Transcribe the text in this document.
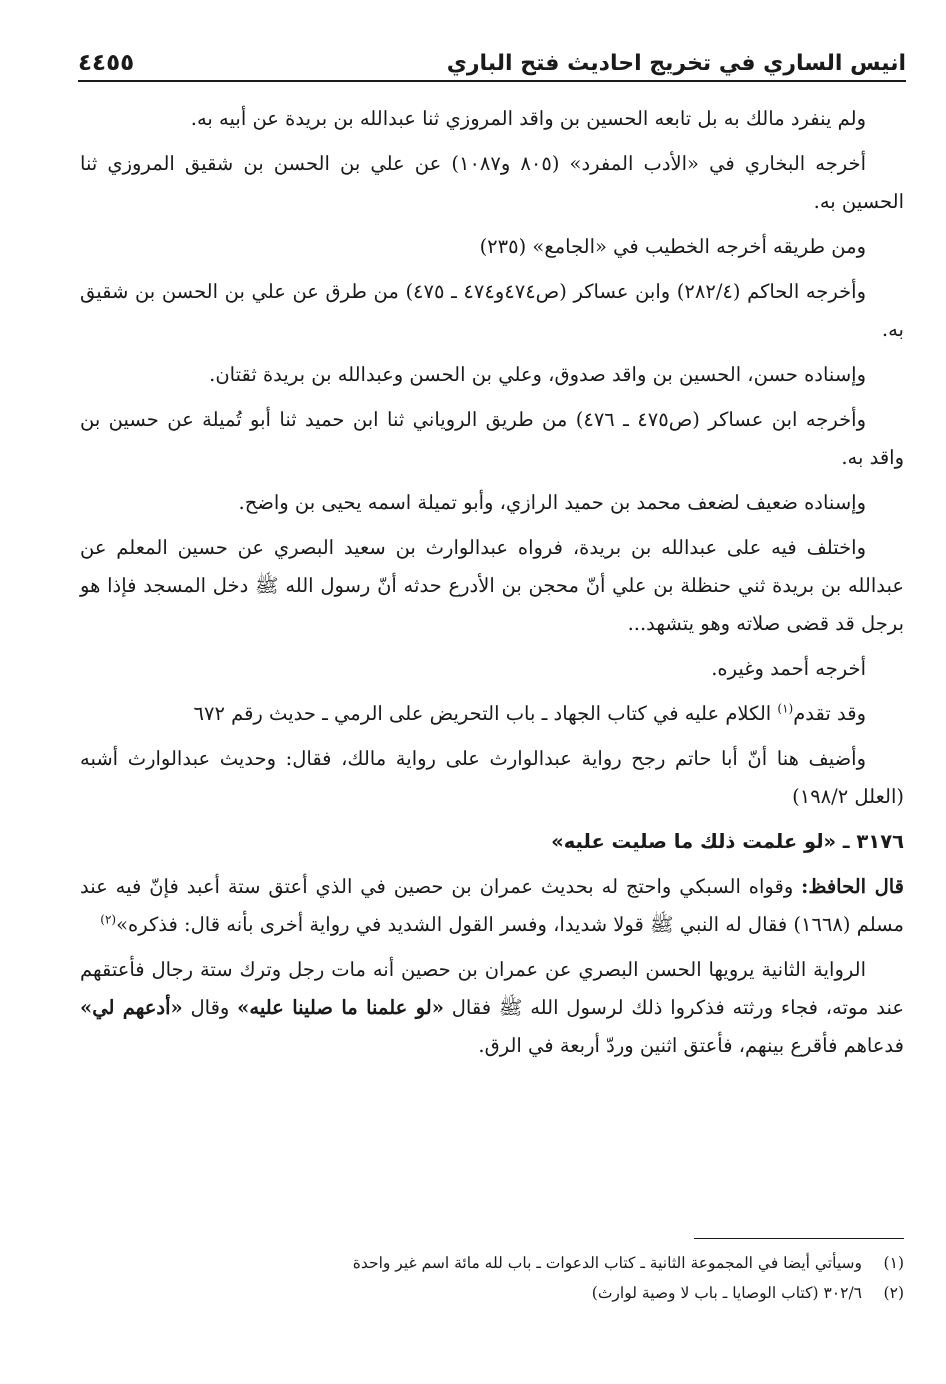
انيس الساري في تخريج احاديث فتح الباري
٤٤٥٥

ولم ينفرد مالك به بل تابعه الحسين بن واقد المروزي ثنا عبدالله بن بريدة عن أبيه به.

أخرجه البخاري في «الأدب المفرد» (٨٠٥ و١٠٨٧) عن علي بن الحسن بن شقيق المروزي ثنا الحسين به.

ومن طريقه أخرجه الخطيب في «الجامع» (٢٣٥)

وأخرجه الحاكم (٢٨٢/٤) وابن عساكر (ص٤٧٤و٤٧٤ ـ ٤٧٥) من طرق عن علي بن الحسن بن شقيق به.

وإسناده حسن، الحسين بن واقد صدوق، وعلي بن الحسن وعبدالله بن بريدة ثقتان.

وأخرجه ابن عساكر (ص٤٧٥ ـ ٤٧٦) من طريق الروياني ثنا ابن حميد ثنا أبو تُميلة عن حسين بن واقد به.

وإسناده ضعيف لضعف محمد بن حميد الرازي، وأبو تميلة اسمه يحيى بن واضح.

واختلف فيه على عبدالله بن بريدة، فرواه عبدالوارث بن سعيد البصري عن حسين المعلم عن عبدالله بن بريدة ثني حنظلة بن علي أنّ محجن بن الأدرع حدثه أنّ رسول الله ﷺ دخل المسجد فإذا هو برجل قد قضى صلاته وهو يتشهد...

أخرجه أحمد وغيره.

وقد تقدم$^{(١)}$ الكلام عليه في كتاب الجهاد ـ باب التحريض على الرمي ـ حديث رقم ٦٧٢

وأضيف هنا أنّ أبا حاتم رجح رواية عبدالوارث على رواية مالك، فقال: وحديث عبدالوارث أشبه (العلل ١٩٨/٢)

٣١٧٦ ـ «لو علمت ذلك ما صليت عليه»

قال الحافظ: وقواه السبكي واحتج له بحديث عمران بن حصين في الذي أعتق ستة أعبد فإنّ فيه عند مسلم (١٦٦٨) فقال له النبي ﷺ قولا شديدا، وفسر القول الشديد في رواية أخرى بأنه قال: فذكره»$^{(٢)}$

الرواية الثانية يرويها الحسن البصري عن عمران بن حصين أنه مات رجل وترك ستة رجال فأعتقهم عند موته، فجاء ورثته فذكروا ذلك لرسول الله ﷺ فقال «لو علمنا ما صلينا عليه» وقال «أدعهم لي» فدعاهم فأقرع بينهم، فأعتق اثنين وردّ أربعة في الرق.

(١)
وسيأتي أيضا في المجموعة الثانية ـ كتاب الدعوات ـ باب لله مائة اسم غير واحدة
(٢)
٣٠٢/٦ (كتاب الوصايا ـ باب لا وصية لوارث)
